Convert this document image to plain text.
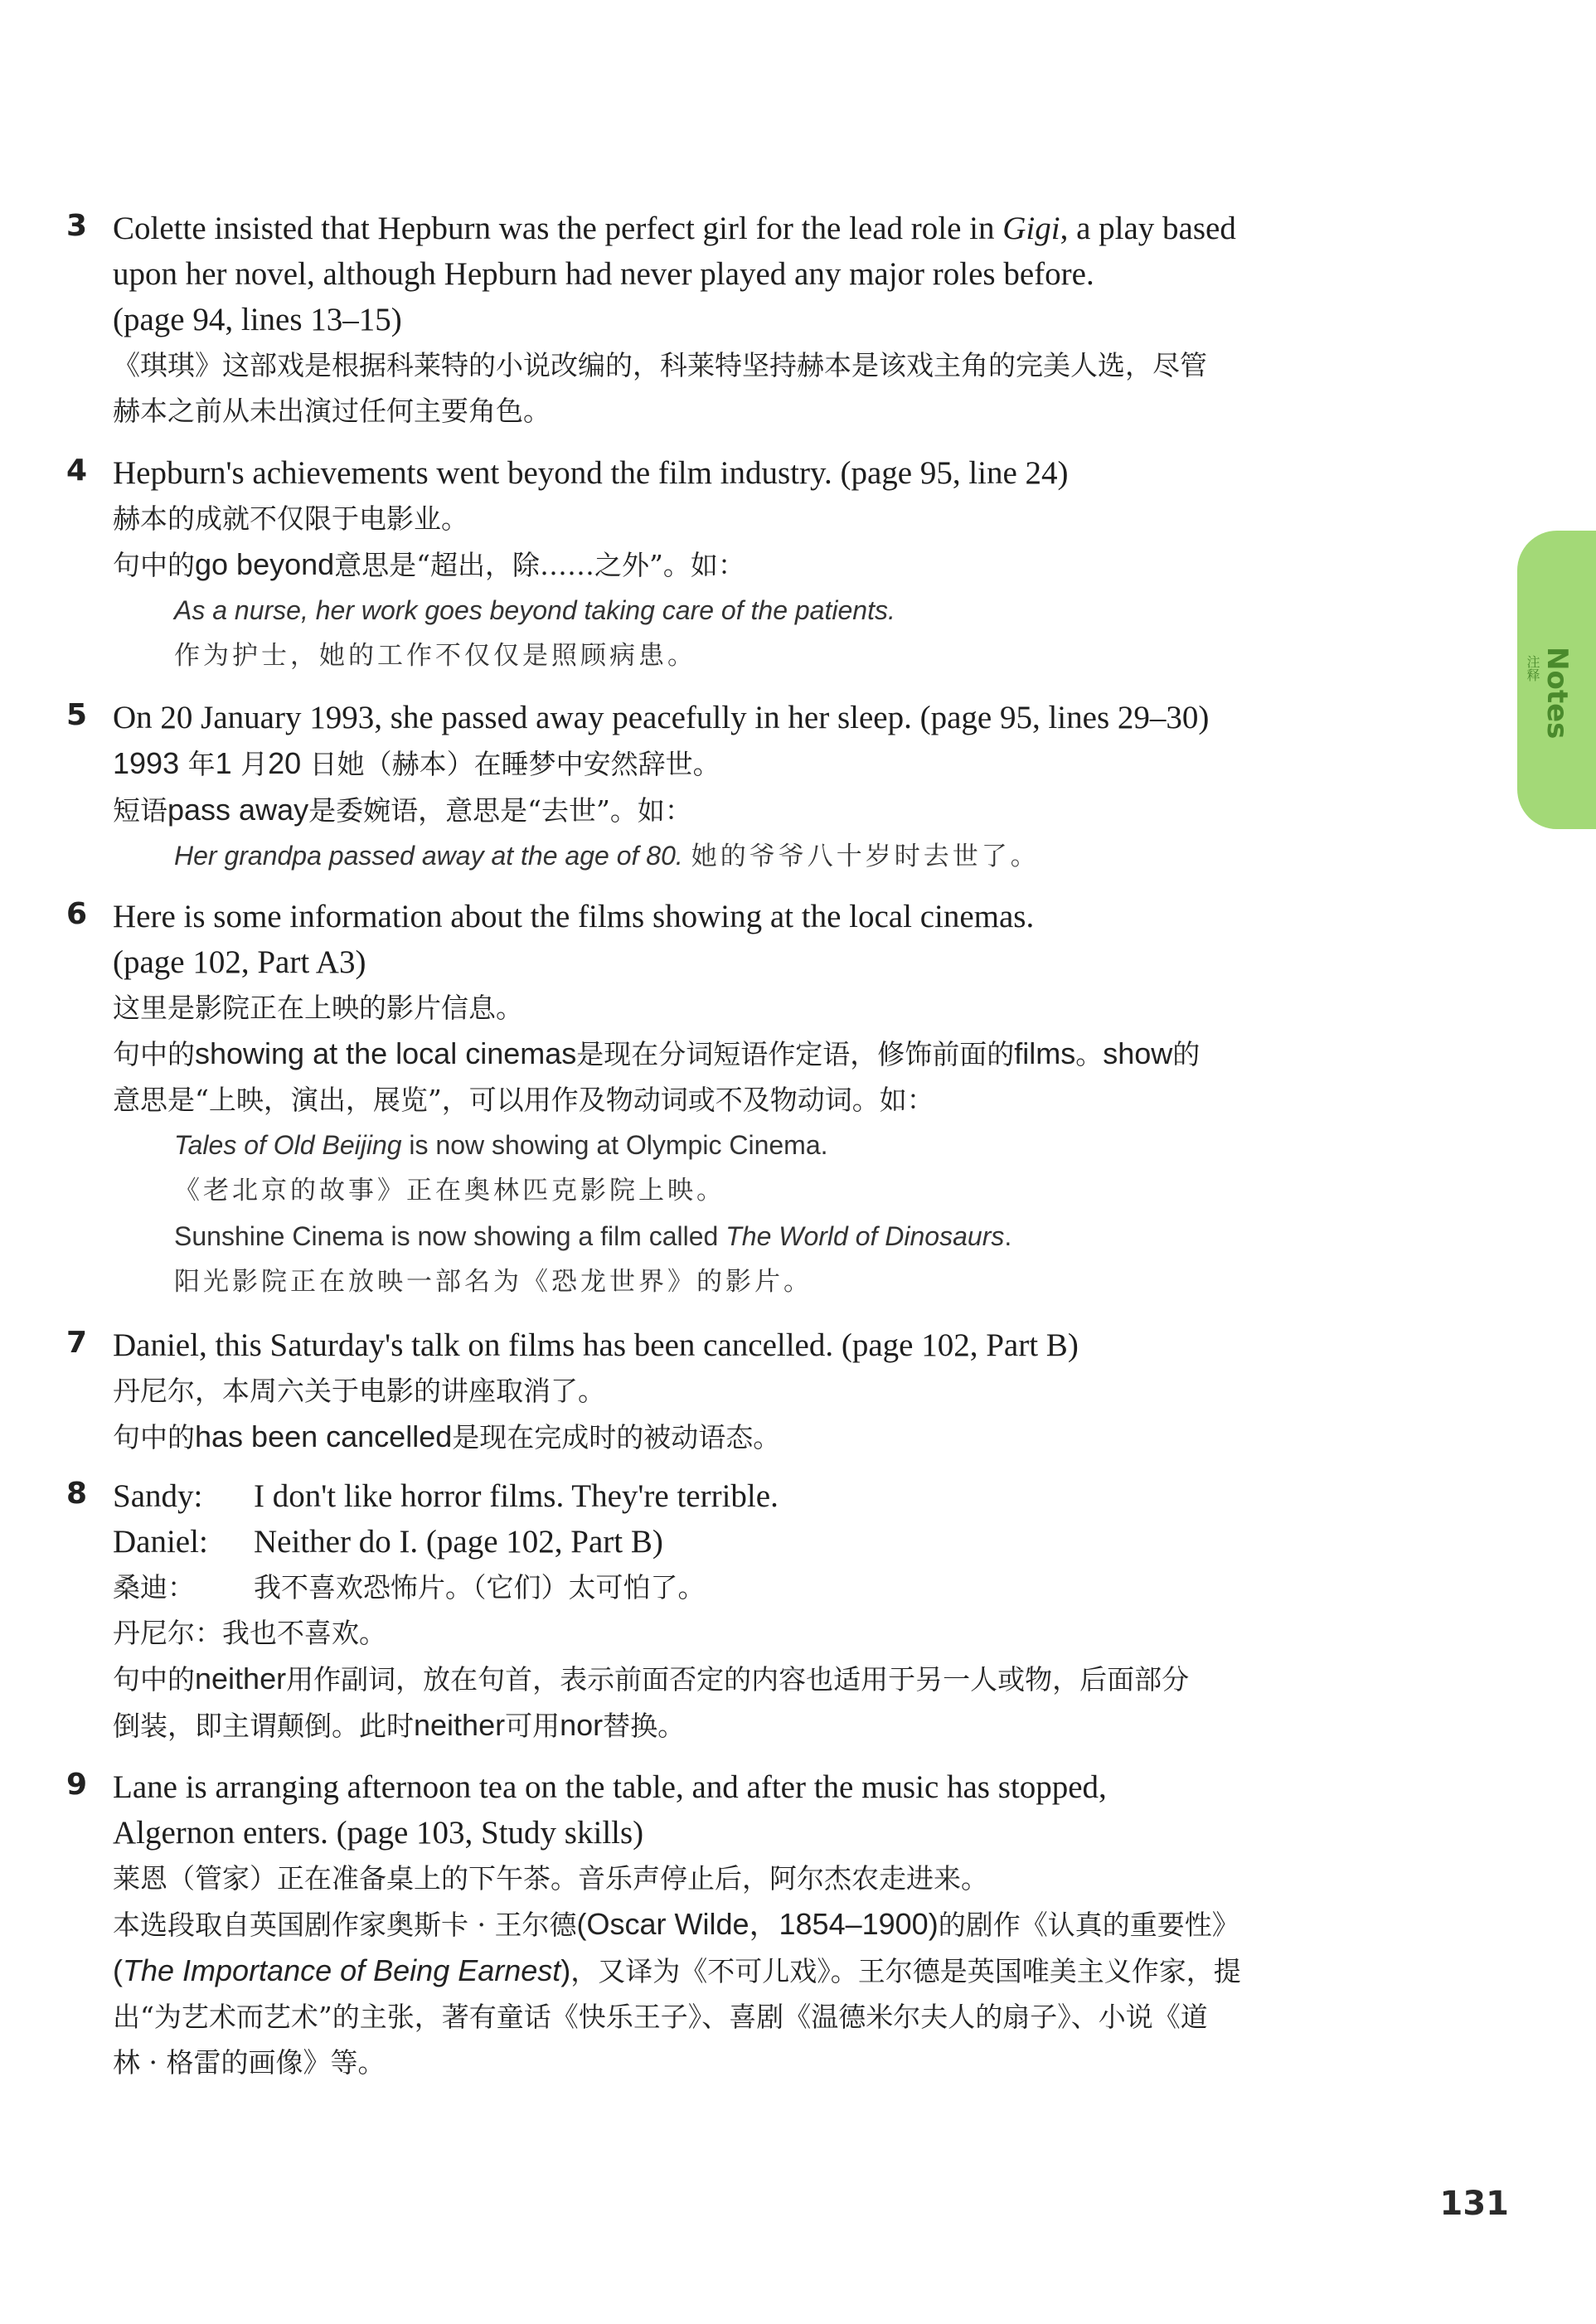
3 Colette insisted that Hepburn was the perfect girl for the lead role in Gigi, a play based
upon her novel, although Hepburn had never played any major roles before.
(page 94, lines 13–15)
《琪琪》这部戏是根据科莱特的小说改编的，科莱特坚持赫本是该戏主角的完美人选，尽管
赫本之前从未出演过任何主要角色。
4 Hepburn's achievements went beyond the film industry. (page 95, line 24)
赫本的成就不仅限于电影业。
句中的go beyond意思是“超出，除……之外”。如：
As a nurse, her work goes beyond taking care of the patients.
作为护士，她的工作不仅仅是照顾病患。
5 On 20 January 1993, she passed away peacefully in her sleep. (page 95, lines 29–30)
1993 年1 月20 日她（赫本）在睡梦中安然辞世。
短语pass away是委婉语，意思是“去世”。如：
Her grandpa passed away at the age of 80. 她的爷爷八十岁时去世了。
6 Here is some information about the films showing at the local cinemas.
(page 102, Part A3)
这里是影院正在上映的影片信息。
句中的showing at the local cinemas是现在分词短语作定语，修饰前面的films。show的
意思是“上映，演出，展览”，可以用作及物动词或不及物动词。如：
Tales of Old Beijing is now showing at Olympic Cinema.
《老北京的故事》正在奥林匹克影院上映。
Sunshine Cinema is now showing a film called The World of Dinosaurs.
阳光影院正在放映一部名为《恐龙世界》的影片。
7 Daniel, this Saturday's talk on films has been cancelled. (page 102, Part B)
丹尼尔，本周六关于电影的讲座取消了。
句中的has been cancelled是现在完成时的被动语态。
8 Sandy:	I don't like horror films. They're terrible.
Daniel:	Neither do I. (page 102, Part B)
桑迪：	我不喜欢恐怖片。（它们）太可怕了。
丹尼尔：我也不喜欢。
句中的neither用作副词，放在句首，表示前面否定的内容也适用于另一人或物，后面部分
倒装，即主谓颠倒。此时neither可用nor替换。
9 Lane is arranging afternoon tea on the table, and after the music has stopped,
Algernon enters. (page 103, Study skills)
莱恩（管家）正在准备桌上的下午茶。音乐声停止后，阿尔杰农走进来。
本选段取自英国剧作家奥斯卡 · 王尔德(Oscar Wilde，1854–1900)的剧作《认真的重要性》
(The Importance of Being Earnest)，又译为《不可儿戏》。王尔德是英国唯美主义作家，提
出“为艺术而艺术”的主张，著有童话《快乐王子》、喜剧《温德米尔夫人的扇子》、小说《道
林 · 格雷的画像》等。
Notes
注释
131
